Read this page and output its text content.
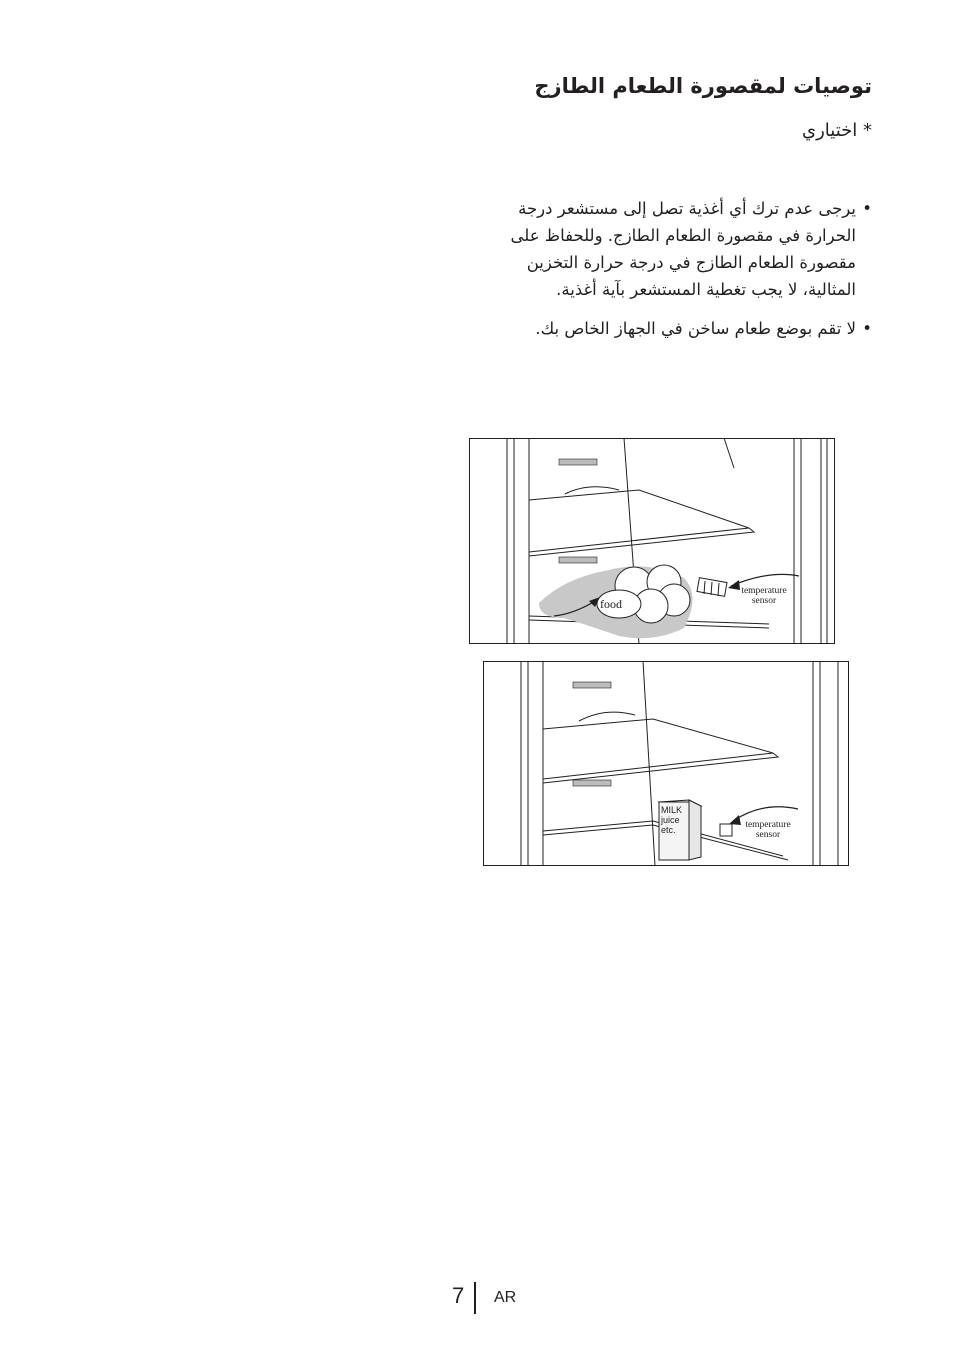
توصيات لمقصورة الطعام الطازج
* اختياري
•
يرجى عدم ترك أي أغذية تصل إلى مستشعر درجة الحرارة في مقصورة الطعام الطازج. وللحفاظ على مقصورة الطعام الطازج في درجة حرارة التخزين المثالية، لا يجب تغطية المستشعر بآية أغذية.
•
لا تقم بوضع طعام ساخن في الجهاز الخاص بك.
food
temperature
sensor
MILK
juice
etc.	temperature
sensor
7 AR
